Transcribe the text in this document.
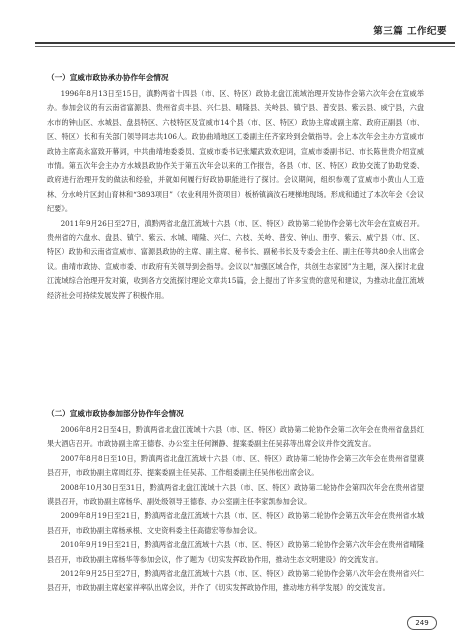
第三篇 工作纪要
（一）宣威市政协承办协作年会情况

1996年8月13日至15日，滇黔两省十四县（市、区、特区）政协北盘江流域治理开发协作会第六次年会在宣威举办。参加会议的有云南省富源县、贵州省贞丰县、兴仁县、晴隆县、关岭县、镇宁县、普安县、紫云县、威宁县，六盘水市的钟山区、水城县、盘县特区、六枝特区及宣威市14个县（市、区、特区）政协主席或副主席、政府正副县（市、区、特区）长和有关部门领导同志共106人。政协曲靖地区工委副主任齐家玲到会做指导。会上本次年会主办方宣威市政协主席高永富致开幕词，中共曲靖地委委员、宣威市委书记张耀武致欢迎词，宣威市委副书记、市长陈世贵介绍宣威市情。第五次年会主办方水城县政协作关于第五次年会以来的工作报告，各县（市、区、特区）政协交流了协助党委、政府进行治理开发的做法和经验，并就如何履行好政协职能进行了探讨。会议期间，组织参观了宣威市小黄山人工造林、分水岭片区封山育林和“3893项目”（农业利用外资项目）板桥镇滴汝石埂梯地现场。形成和通过了本次年会《会议纪要》。

2011年9月26日至27日，滇黔两省北盘江流域十六县（市、区、特区）政协第二轮协作会第七次年会在宣威召开。贵州省的六盘水、盘县、镇宁、紫云、水城、晴隆、兴仁、六枝、关岭、普安、钟山、册亨、紫云、威宁县（市、区、特区）政协和云南省宣威市、富源县政协的主席、副主席、秘书长、副秘书长及专委会主任、副主任等共80余人出席会议。曲靖市政协、宣威市委、市政府有关领导到会指导。会议以“加强区域合作，共创生态家园”为主题，深入探讨北盘江流域综合治理开发对策，收到各方交流探讨理论文章共15篇，会上提出了许多宝贵的意见和建议，为推动北盘江流域经济社会可持续发展发挥了积极作用。

（二）宣威市政协参加部分协作年会情况

2006年8月2日至4日，黔滇两省北盘江流域十六县（市、区、特区）政协第二轮协作会第二次年会在贵州省盘县红果大酒店召开。市政协副主席王德春、办公室主任何渊静、提案委副主任吴荪等出席会议并作交流发言。

2007年8月8日至10日，黔滇两省北盘江流域十六县（市、区、特区）政协第二轮协作会第三次年会在贵州省望谟县召开，市政协副主席周红芬、提案委副主任吴荪、工作组委副主任吴伟松出席会议。

2008年10月30日至31日，黔滇两省北盘江流域十六县（市、区、特区）政协第二轮协作会第四次年会在贵州省望谟县召开，市政协副主席杨华、副处级领导王德春、办公室副主任李家凯参加会议。

2009年8月19日至21日，黔滇两省北盘江流域十六县（市、区、特区）政协第二轮协作会第五次年会在贵州省水城县召开，市政协副主席杨承根、文史资料委主任高德宏等参加会议。

2010年9月19日至21日，黔滇两省北盘江流域十六县（市、区、特区）政协第二轮协作会第六次年会在贵州省晴隆县召开，市政协副主席杨华等参加会议，作了题为《切实发挥政协作用，推动生态文明建设》的交流发言。

2012年9月25日至27日，黔滇两省北盘江流域十六县（市、区、特区）政协第二轮协作会第八次年会在贵州省兴仁县召开，市政协副主席赵家祥率队出席会议，并作了《切实发挥政协作用，推动地方科学发展》的交流发言。

249
